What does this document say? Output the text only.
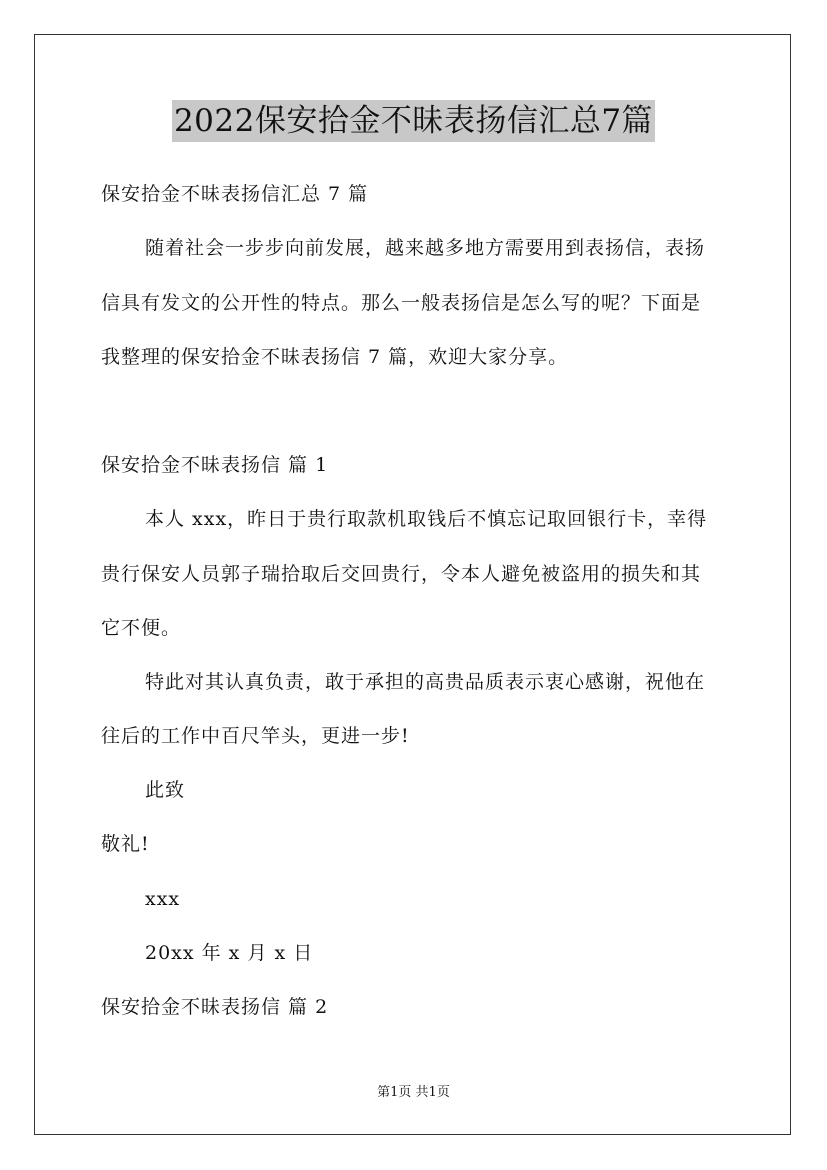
2022保安拾金不昧表扬信汇总7篇
保安拾金不昧表扬信汇总 7 篇
随着社会一步步向前发展，越来越多地方需要用到表扬信，表扬
信具有发文的公开性的特点。那么一般表扬信是怎么写的呢？下面是
我整理的保安拾金不昧表扬信 7 篇，欢迎大家分享。
保安拾金不昧表扬信 篇 1
本人 xxx，昨日于贵行取款机取钱后不慎忘记取回银行卡，幸得
贵行保安人员郭子瑞拾取后交回贵行，令本人避免被盗用的损失和其
它不便。
特此对其认真负责，敢于承担的高贵品质表示衷心感谢，祝他在
往后的工作中百尺竿头，更进一步!
此致
敬礼!
xxx
20xx 年 x 月 x 日
保安拾金不昧表扬信 篇 2
第1页 共1页
